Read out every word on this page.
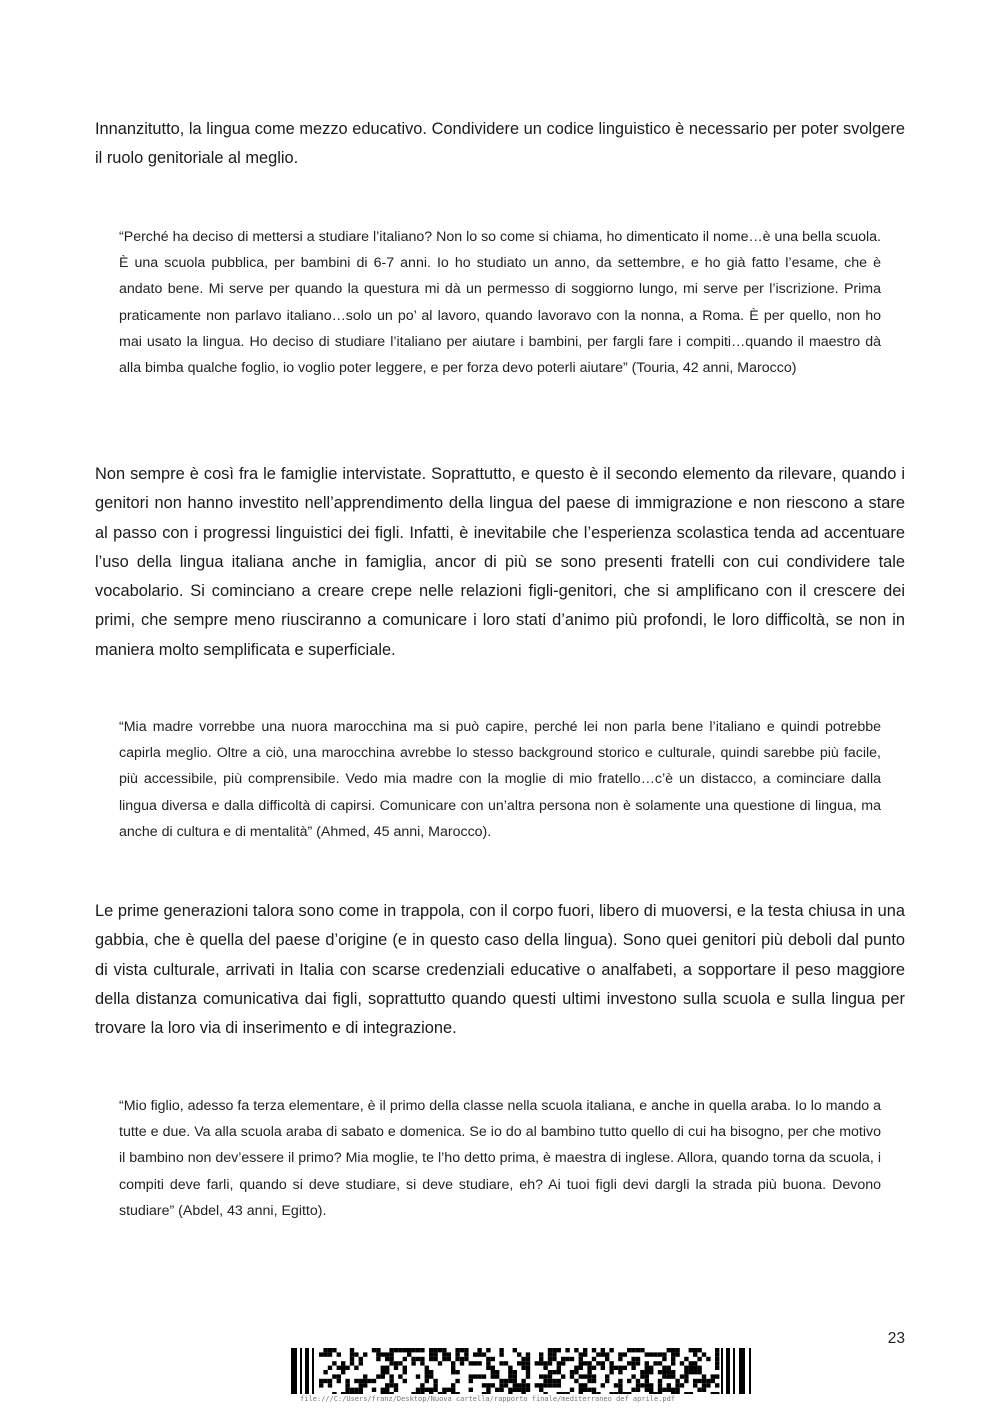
Innanzitutto, la lingua come mezzo educativo. Condividere un codice linguistico è necessario per poter svolgere il ruolo genitoriale al meglio.

“Perché ha deciso di mettersi a studiare l’italiano? Non lo so come si chiama, ho dimenticato il nome…è una bella scuola. È una scuola pubblica, per bambini di 6-7 anni. Io ho studiato un anno, da settembre, e ho già fatto l’esame, che è andato bene. Mi serve per quando la questura mi dà un permesso di soggiorno lungo, mi serve per l’iscrizione. Prima praticamente non parlavo italiano…solo un po’ al lavoro, quando lavoravo con la nonna, a Roma. È per quello, non ho mai usato la lingua. Ho deciso di studiare l’italiano per aiutare i bambini, per fargli fare i compiti…quando il maestro dà alla bimba qualche foglio, io voglio poter leggere, e per forza devo poterli aiutare” (Touria, 42 anni, Marocco)

Non sempre è così fra le famiglie intervistate. Soprattutto, e questo è il secondo elemento da rilevare, quando i genitori non hanno investito nell’apprendimento della lingua del paese di immigrazione e non riescono a stare al passo con i progressi linguistici dei figli. Infatti, è inevitabile che l’esperienza scolastica tenda ad accentuare l’uso della lingua italiana anche in famiglia, ancor di più se sono presenti fratelli con cui condividere tale vocabolario. Si cominciano a creare crepe nelle relazioni figli-genitori, che si amplificano con il crescere dei primi, che sempre meno riusciranno a comunicare i loro stati d’animo più profondi, le loro difficoltà, se non in maniera molto semplificata e superficiale.

“Mia madre vorrebbe una nuora marocchina ma si può capire, perché lei non parla bene l’italiano e quindi potrebbe capirla meglio. Oltre a ciò, una marocchina avrebbe lo stesso background storico e culturale, quindi sarebbe più facile, più accessibile, più comprensibile. Vedo mia madre con la moglie di mio fratello…c’è un distacco, a cominciare dalla lingua diversa e dalla difficoltà di capirsi. Comunicare con un’altra persona non è solamente una questione di lingua, ma anche di cultura e di mentalità” (Ahmed, 45 anni, Marocco).

Le prime generazioni talora sono come in trappola, con il corpo fuori, libero di muoversi, e la testa chiusa in una gabbia, che è quella del paese d’origine (e in questo caso della lingua). Sono quei genitori più deboli dal punto di vista culturale, arrivati in Italia con scarse credenziali educative o analfabeti, a sopportare il peso maggiore della distanza comunicativa dai figli, soprattutto quando questi ultimi investono sulla scuola e sulla lingua per trovare la loro via di inserimento e di integrazione.

“Mio figlio, adesso fa terza elementare, è il primo della classe nella scuola italiana, e anche in quella araba. Io lo mando a tutte e due. Va alla scuola araba di sabato e domenica. Se io do al bambino tutto quello di cui ha bisogno, per che motivo il bambino non dev’essere il primo? Mia moglie, te l’ho detto prima, è maestra di inglese. Allora, quando torna da scuola, i compiti deve farli, quando si deve studiare, si deve studiare, eh? Ai tuoi figli devi dargli la strada più buona. Devono studiare” (Abdel, 43 anni, Egitto).

23
file:///C:/Users/franz/Desktop/Nuova cartella/rapporto finale/mediterraneo def aprile.pdf
